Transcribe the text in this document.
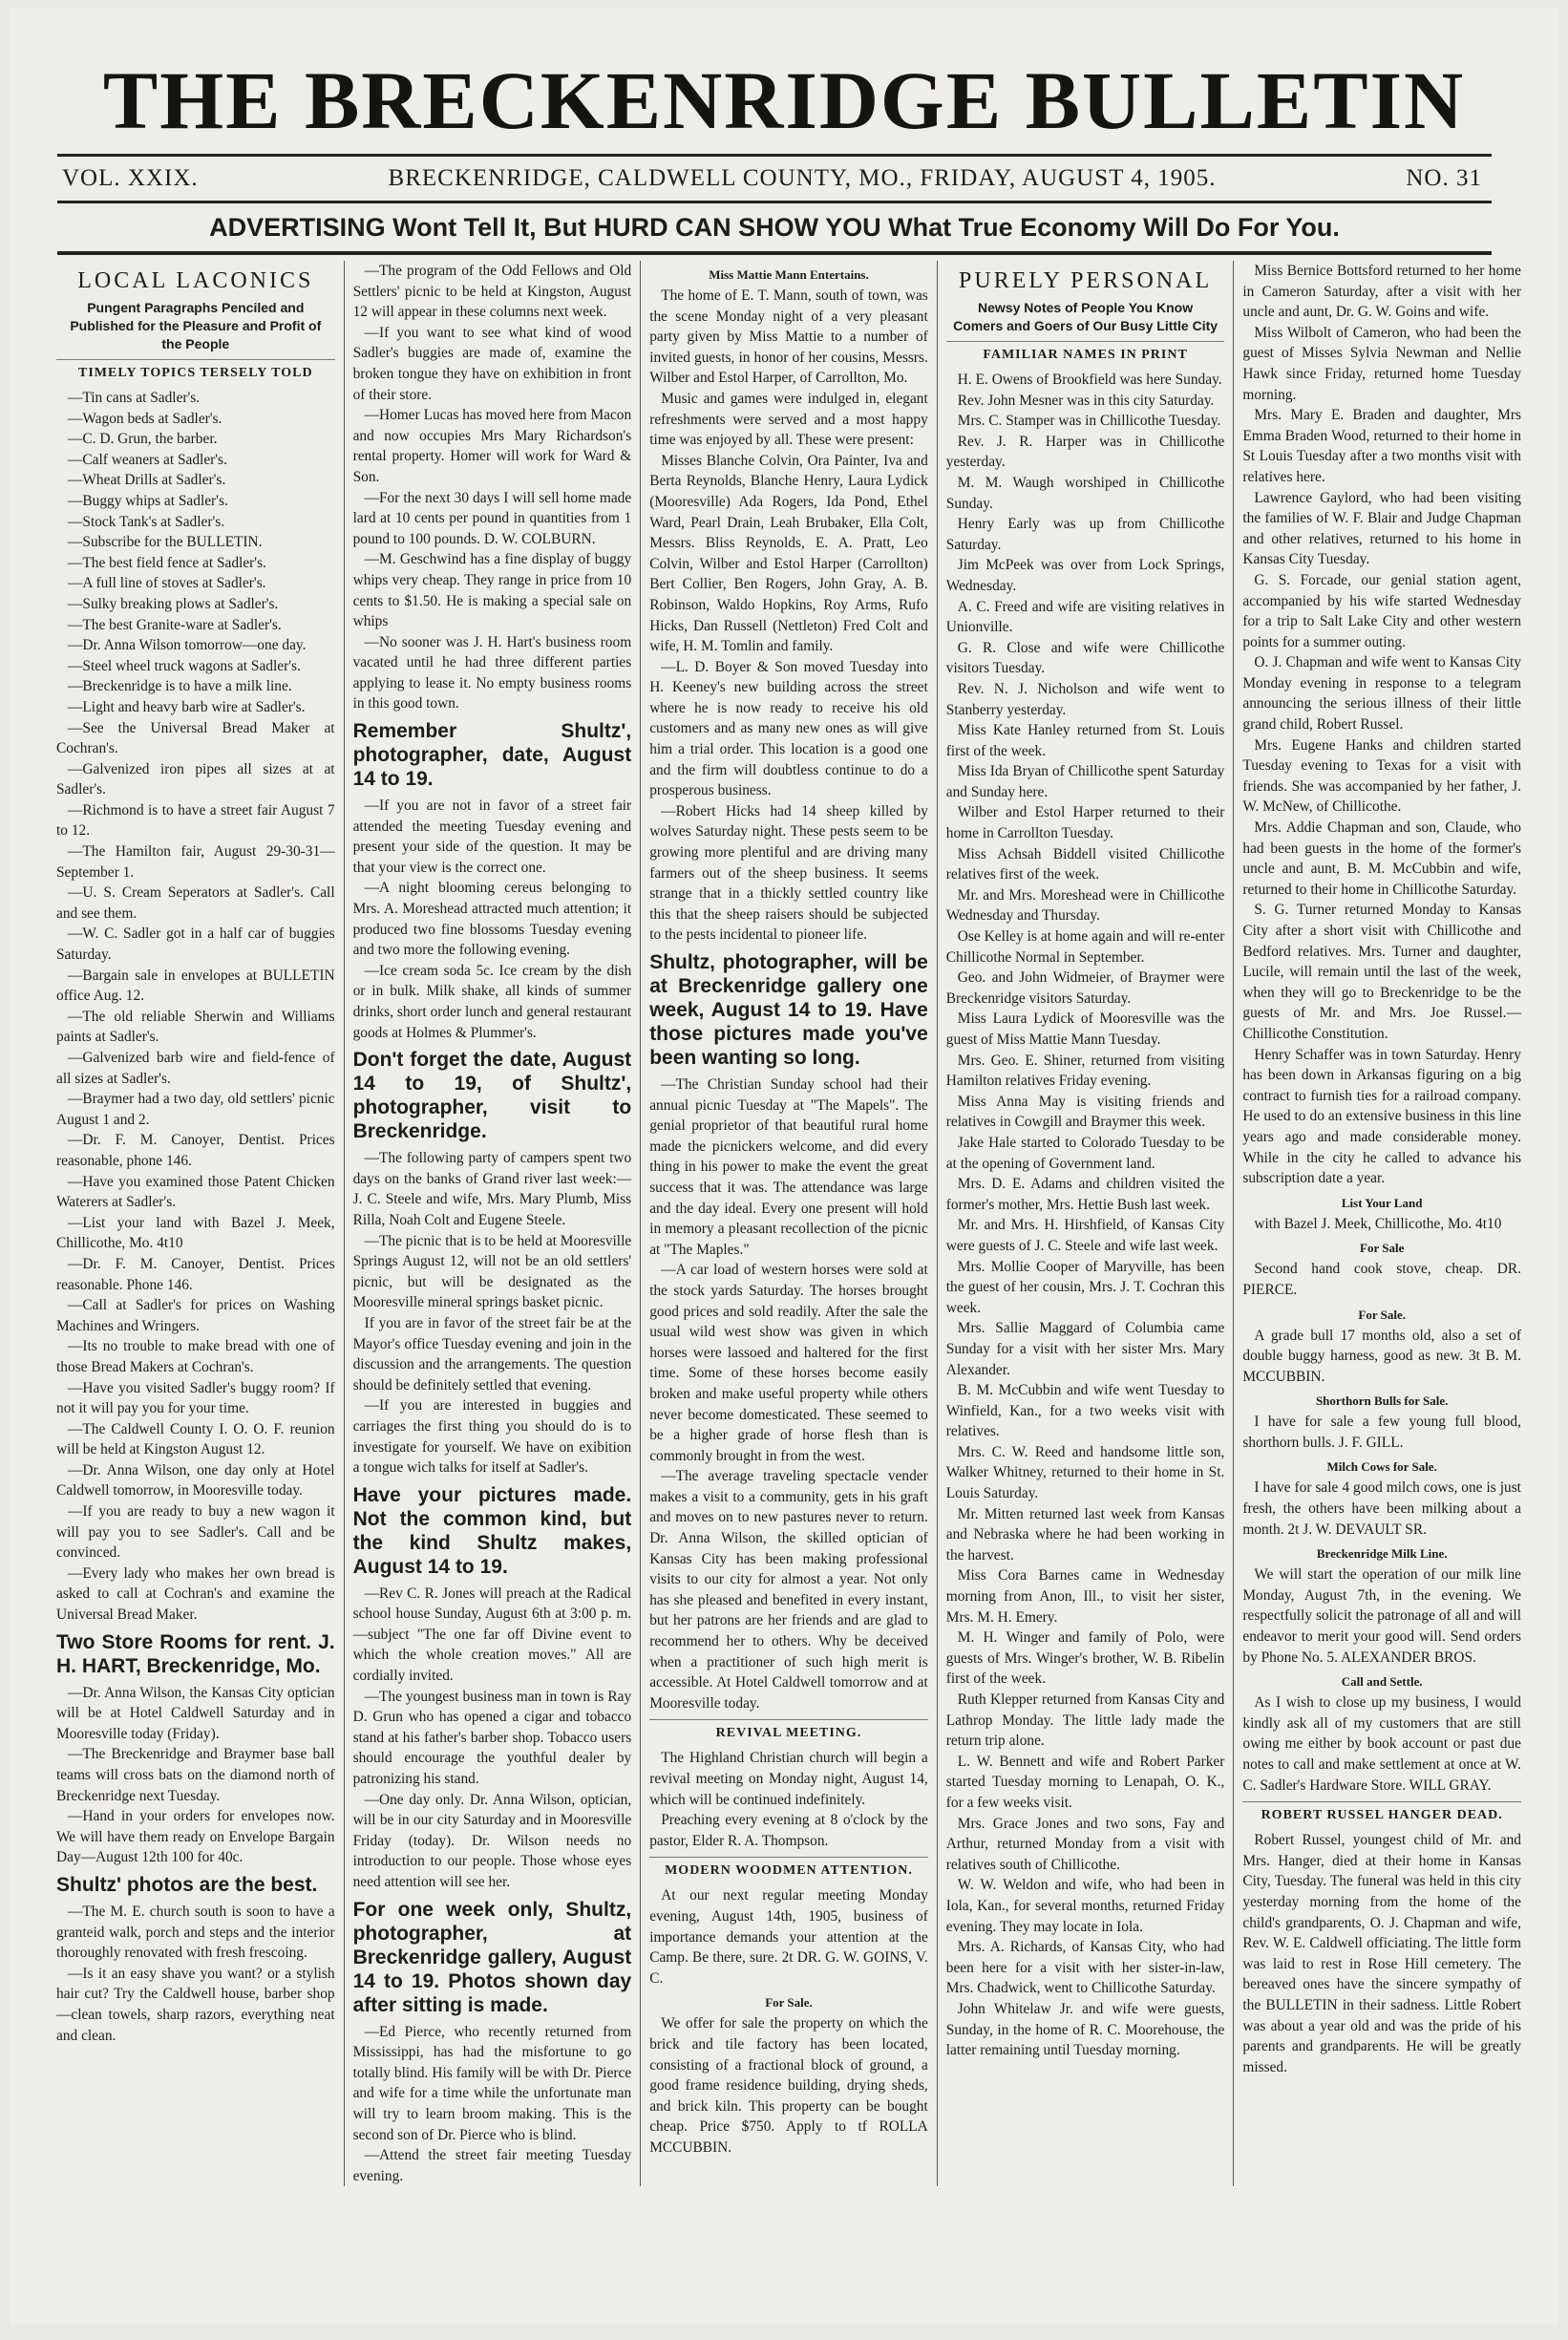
THE BRECKENRIDGE BULLETIN
VOL. XXIX.	BRECKENRIDGE, CALDWELL COUNTY, MO., FRIDAY, AUGUST 4, 1905.	NO. 31
ADVERTISING Wont Tell It, But HURD CAN SHOW YOU What True Economy Will Do For You.
LOCAL LACONICS
Pungent Paragraphs Penciled and Published for the Pleasure and Profit of the People
TIMELY TOPICS TERSELY TOLD
—Tin cans at Sadler's.
—Wagon beds at Sadler's.
—C. D. Grun, the barber.
—Calf weaners at Sadler's.
—Wheat Drills at Sadler's.
—Buggy whips at Sadler's.
—Stock Tank's at Sadler's.
—Subscribe for the BULLETIN.
—The best field fence at Sadler's.
—A full line of stoves at Sadler's.
—Sulky breaking plows at Sadler's.
—The best Granite-ware at Sadler's.
—Dr. Anna Wilson tomorrow—one day.
—Steel wheel truck wagons at Sadler's.
—Breckenridge is to have a milk line.
—Light and heavy barb wire at Sadler's.
—See the Universal Bread Maker at Cochran's.
—Galvenized iron pipes all sizes at at Sadler's.
—Richmond is to have a street fair August 7 to 12.
—The Hamilton fair, August 29-30-31—September 1.
—U. S. Cream Seperators at Sadler's. Call and see them.
—W. C. Sadler got in a half car of buggies Saturday.
—Bargain sale in envelopes at BULLETIN office Aug. 12.
—The old reliable Sherwin and Williams paints at Sadler's.
—Galvenized barb wire and field-fence of all sizes at Sadler's.
—Braymer had a two day, old settlers' picnic August 1 and 2.
—Dr. F. M. Canoyer, Dentist. Prices reasonable, phone 146.
—Have you examined those Patent Chicken Waterers at Sadler's.
—List your land with Bazel J. Meek, Chillicothe, Mo. 4t10
—Dr. F. M. Canoyer, Dentist. Prices reasonable. Phone 146.
—Call at Sadler's for prices on Washing Machines and Wringers.
—Its no trouble to make bread with one of those Bread Makers at Cochran's.
—Have you visited Sadler's buggy room? If not it will pay you for your time.
—The Caldwell County I. O. O. F. reunion will be held at Kingston August 12.
—Dr. Anna Wilson, one day only at Hotel Caldwell tomorrow, in Mooresville today.
—If you are ready to buy a new wagon it will pay you to see Sadler's. Call and be convinced.
—Every lady who makes her own bread is asked to call at Cochran's and examine the Universal Bread Maker.
Two Store Rooms for rent. J. H. HART, Breckenridge, Mo.
—Dr. Anna Wilson, the Kansas City optician will be at Hotel Caldwell Saturday and in Mooresville today (Friday).
—The Breckenridge and Braymer base ball teams will cross bats on the diamond north of Breckenridge next Tuesday.
—Hand in your orders for envelopes now. We will have them ready on Envelope Bargain Day—August 12th 100 for 40c.
Shultz' photos are the best.
—The M. E. church south is soon to have a granteid walk, porch and steps and the interior thoroughly renovated with fresh frescoing.
—Is it an easy shave you want? or a stylish hair cut? Try the Caldwell house, barber shop—clean towels, sharp razors, everything neat and clean.
—The program of the Odd Fellows and Old Settlers' picnic to be held at Kingston, August 12 will appear in these columns next week.
—If you want to see what kind of wood Sadler's buggies are made of, examine the broken tongue they have on exhibition in front of their store.
—Homer Lucas has moved here from Macon and now occupies Mrs Mary Richardson's rental property. Homer will work for Ward & Son.
—For the next 30 days I will sell home made lard at 10 cents per pound in quantities from 1 pound to 100 pounds. D. W. COLBURN.
—M. Geschwind has a fine display of buggy whips very cheap. They range in price from 10 cents to $1.50. He is making a special sale on whips
—No sooner was J. H. Hart's business room vacated until he had three different parties applying to lease it. No empty business rooms in this good town.
Remember Shultz', photographer, date, August 14 to 19.
—If you are not in favor of a street fair attended the meeting Tuesday evening and present your side of the question. It may be that your view is the correct one.
—A night blooming cereus belonging to Mrs. A. Moreshead attracted much attention; it produced two fine blossoms Tuesday evening and two more the following evening.
—Ice cream soda 5c. Ice cream by the dish or in bulk. Milk shake, all kinds of summer drinks, short order lunch and general restaurant goods at Holmes & Plummer's.
Don't forget the date, August 14 to 19, of Shultz', photographer, visit to Breckenridge.
—The following party of campers spent two days on the banks of Grand river last week:—J. C. Steele and wife, Mrs. Mary Plumb, Miss Rilla, Noah Colt and Eugene Steele.
—The picnic that is to be held at Mooresville Springs August 12, will not be an old settlers' picnic, but will be designated as the Mooresville mineral springs basket picnic.
If you are in favor of the street fair be at the Mayor's office Tuesday evening and join in the discussion and the arrangements. The question should be definitely settled that evening.
—If you are interested in buggies and carriages the first thing you should do is to investigate for yourself. We have on exibition a tongue wich talks for itself at Sadler's.
Have your pictures made. Not the common kind, but the kind Shultz makes, August 14 to 19.
—Rev C. R. Jones will preach at the Radical school house Sunday, August 6th at 3:00 p. m.—subject "The one far off Divine event to which the whole creation moves." All are cordially invited.
—The youngest business man in town is Ray D. Grun who has opened a cigar and tobacco stand at his father's barber shop. Tobacco users should encourage the youthful dealer by patronizing his stand.
—One day only. Dr. Anna Wilson, optician, will be in our city Saturday and in Mooresville Friday (today). Dr. Wilson needs no introduction to our people. Those whose eyes need attention will see her.
For one week only, Shultz, photographer, at Breckenridge gallery, August 14 to 19. Photos shown day after sitting is made.
—Ed Pierce, who recently returned from Mississippi, has had the misfortune to go totally blind. His family will be with Dr. Pierce and wife for a time while the unfortunate man will try to learn broom making. This is the second son of Dr. Pierce who is blind.
—Attend the street fair meeting Tuesday evening.
Miss Mattie Mann Entertains.
The home of E. T. Mann, south of town, was the scene Monday night of a very pleasant party given by Miss Mattie to a number of invited guests, in honor of her cousins, Messrs. Wilber and Estol Harper, of Carrollton, Mo.
Music and games were indulged in, elegant refreshments were served and a most happy time was enjoyed by all. These were present:
Misses Blanche Colvin, Ora Painter, Iva and Berta Reynolds, Blanche Henry, Laura Lydick (Mooresville) Ada Rogers, Ida Pond, Ethel Ward, Pearl Drain, Leah Brubaker, Ella Colt, Messrs. Bliss Reynolds, E. A. Pratt, Leo Colvin, Wilber and Estol Harper (Carrollton) Bert Collier, Ben Rogers, John Gray, A. B. Robinson, Waldo Hopkins, Roy Arms, Rufo Hicks, Dan Russell (Nettleton) Fred Colt and wife, H. M. Tomlin and family.
—L. D. Boyer & Son moved Tuesday into H. Keeney's new building across the street where he is now ready to receive his old customers and as many new ones as will give him a trial order. This location is a good one and the firm will doubtless continue to do a prosperous business.
—Robert Hicks had 14 sheep killed by wolves Saturday night. These pests seem to be growing more plentiful and are driving many farmers out of the sheep business. It seems strange that in a thickly settled country like this that the sheep raisers should be subjected to the pests incidental to pioneer life.
Shultz, photographer, will be at Breckenridge gallery one week, August 14 to 19. Have those pictures made you've been wanting so long.
—The Christian Sunday school had their annual picnic Tuesday at "The Mapels". The genial proprietor of that beautiful rural home made the picnickers welcome, and did every thing in his power to make the event the great success that it was. The attendance was large and the day ideal. Every one present will hold in memory a pleasant recollection of the picnic at "The Maples."
—A car load of western horses were sold at the stock yards Saturday. The horses brought good prices and sold readily. After the sale the usual wild west show was given in which horses were lassoed and haltered for the first time. Some of these horses become easily broken and make useful property while others never become domesticated. These seemed to be a higher grade of horse flesh than is commonly brought in from the west.
—The average traveling spectacle vender makes a visit to a community, gets in his graft and moves on to new pastures never to return. Dr. Anna Wilson, the skilled optician of Kansas City has been making professional visits to our city for almost a year. Not only has she pleased and benefited in every instant, but her patrons are her friends and are glad to recommend her to others. Why be deceived when a practitioner of such high merit is accessible. At Hotel Caldwell tomorrow and at Mooresville today.
REVIVAL MEETING.
The Highland Christian church will begin a revival meeting on Monday night, August 14, which will be continued indefinitely.
Preaching every evening at 8 o'clock by the pastor, Elder R. A. Thompson.
MODERN WOODMEN ATTENTION.
At our next regular meeting Monday evening, August 14th, 1905, business of importance demands your attention at the Camp. Be there, sure. 2t DR. G. W. GOINS, V. C.
For Sale.
We offer for sale the property on which the brick and tile factory has been located, consisting of a fractional block of ground, a good frame residence building, drying sheds, and brick kiln. This property can be bought cheap. Price $750. Apply to tf ROLLA MCCUBBIN.
PURELY PERSONAL
Newsy Notes of People You Know Comers and Goers of Our Busy Little City
FAMILIAR NAMES IN PRINT
H. E. Owens of Brookfield was here Sunday.
Rev. John Mesner was in this city Saturday.
Mrs. C. Stamper was in Chillicothe Tuesday.
Rev. J. R. Harper was in Chillicothe yesterday.
M. M. Waugh worshiped in Chillicothe Sunday.
Henry Early was up from Chillicothe Saturday.
Jim McPeek was over from Lock Springs, Wednesday.
A. C. Freed and wife are visiting relatives in Unionville.
G. R. Close and wife were Chillicothe visitors Tuesday.
Rev. N. J. Nicholson and wife went to Stanberry yesterday.
Miss Kate Hanley returned from St. Louis first of the week.
Miss Ida Bryan of Chillicothe spent Saturday and Sunday here.
Wilber and Estol Harper returned to their home in Carrollton Tuesday.
Miss Achsah Biddell visited Chillicothe relatives first of the week.
Mr. and Mrs. Moreshead were in Chillicothe Wednesday and Thursday.
Ose Kelley is at home again and will re-enter Chillicothe Normal in September.
Geo. and John Widmeier, of Braymer were Breckenridge visitors Saturday.
Miss Laura Lydick of Mooresville was the guest of Miss Mattie Mann Tuesday.
Mrs. Geo. E. Shiner, returned from visiting Hamilton relatives Friday evening.
Miss Anna May is visiting friends and relatives in Cowgill and Braymer this week.
Jake Hale started to Colorado Tuesday to be at the opening of Government land.
Mrs. D. E. Adams and children visited the former's mother, Mrs. Hettie Bush last week.
Mr. and Mrs. H. Hirshfield, of Kansas City were guests of J. C. Steele and wife last week.
Mrs. Mollie Cooper of Maryville, has been the guest of her cousin, Mrs. J. T. Cochran this week.
Mrs. Sallie Maggard of Columbia came Sunday for a visit with her sister Mrs. Mary Alexander.
B. M. McCubbin and wife went Tuesday to Winfield, Kan., for a two weeks visit with relatives.
Mrs. C. W. Reed and handsome little son, Walker Whitney, returned to their home in St. Louis Saturday.
Mr. Mitten returned last week from Kansas and Nebraska where he had been working in the harvest.
Miss Cora Barnes came in Wednesday morning from Anon, Ill., to visit her sister, Mrs. M. H. Emery.
M. H. Winger and family of Polo, were guests of Mrs. Winger's brother, W. B. Ribelin first of the week.
Ruth Klepper returned from Kansas City and Lathrop Monday. The little lady made the return trip alone.
L. W. Bennett and wife and Robert Parker started Tuesday morning to Lenapah, O. K., for a few weeks visit.
Mrs. Grace Jones and two sons, Fay and Arthur, returned Monday from a visit with relatives south of Chillicothe.
W. W. Weldon and wife, who had been in Iola, Kan., for several months, returned Friday evening. They may locate in Iola.
Mrs. A. Richards, of Kansas City, who had been here for a visit with her sister-in-law, Mrs. Chadwick, went to Chillicothe Saturday.
John Whitelaw Jr. and wife were guests, Sunday, in the home of R. C. Moorehouse, the latter remaining until Tuesday morning.
Miss Bernice Bottsford returned to her home in Cameron Saturday, after a visit with her uncle and aunt, Dr. G. W. Goins and wife.
Miss Wilbolt of Cameron, who had been the guest of Misses Sylvia Newman and Nellie Hawk since Friday, returned home Tuesday morning.
Mrs. Mary E. Braden and daughter, Mrs Emma Braden Wood, returned to their home in St Louis Tuesday after a two months visit with relatives here.
Lawrence Gaylord, who had been visiting the families of W. F. Blair and Judge Chapman and other relatives, returned to his home in Kansas City Tuesday.
G. S. Forcade, our genial station agent, accompanied by his wife started Wednesday for a trip to Salt Lake City and other western points for a summer outing.
O. J. Chapman and wife went to Kansas City Monday evening in response to a telegram announcing the serious illness of their little grand child, Robert Russel.
Mrs. Eugene Hanks and children started Tuesday evening to Texas for a visit with friends. She was accompanied by her father, J. W. McNew, of Chillicothe.
Mrs. Addie Chapman and son, Claude, who had been guests in the home of the former's uncle and aunt, B. M. McCubbin and wife, returned to their home in Chillicothe Saturday.
S. G. Turner returned Monday to Kansas City after a short visit with Chillicothe and Bedford relatives. Mrs. Turner and daughter, Lucile, will remain until the last of the week, when they will go to Breckenridge to be the guests of Mr. and Mrs. Joe Russel.—Chillicothe Constitution.
Henry Schaffer was in town Saturday. Henry has been down in Arkansas figuring on a big contract to furnish ties for a railroad company. He used to do an extensive business in this line years ago and made considerable money. While in the city he called to advance his subscription date a year.
List Your Land
with Bazel J. Meek, Chillicothe, Mo. 4t10
For Sale
Second hand cook stove, cheap. DR. PIERCE.
For Sale.
A grade bull 17 months old, also a set of double buggy harness, good as new. 3t B. M. MCCUBBIN.
Shorthorn Bulls for Sale.
I have for sale a few young full blood, shorthorn bulls. J. F. GILL.
Milch Cows for Sale.
I have for sale 4 good milch cows, one is just fresh, the others have been milking about a month. 2t J. W. DEVAULT SR.
Breckenridge Milk Line.
We will start the operation of our milk line Monday, August 7th, in the evening. We respectfully solicit the patronage of all and will endeavor to merit your good will. Send orders by Phone No. 5. ALEXANDER BROS.
Call and Settle.
As I wish to close up my business, I would kindly ask all of my customers that are still owing me either by book account or past due notes to call and make settlement at once at W. C. Sadler's Hardware Store. WILL GRAY.
ROBERT RUSSEL HANGER DEAD.
Robert Russel, youngest child of Mr. and Mrs. Hanger, died at their home in Kansas City, Tuesday. The funeral was held in this city yesterday morning from the home of the child's grandparents, O. J. Chapman and wife, Rev. W. E. Caldwell officiating. The little form was laid to rest in Rose Hill cemetery. The bereaved ones have the sincere sympathy of the BULLETIN in their sadness. Little Robert was about a year old and was the pride of his parents and grandparents. He will be greatly missed.
